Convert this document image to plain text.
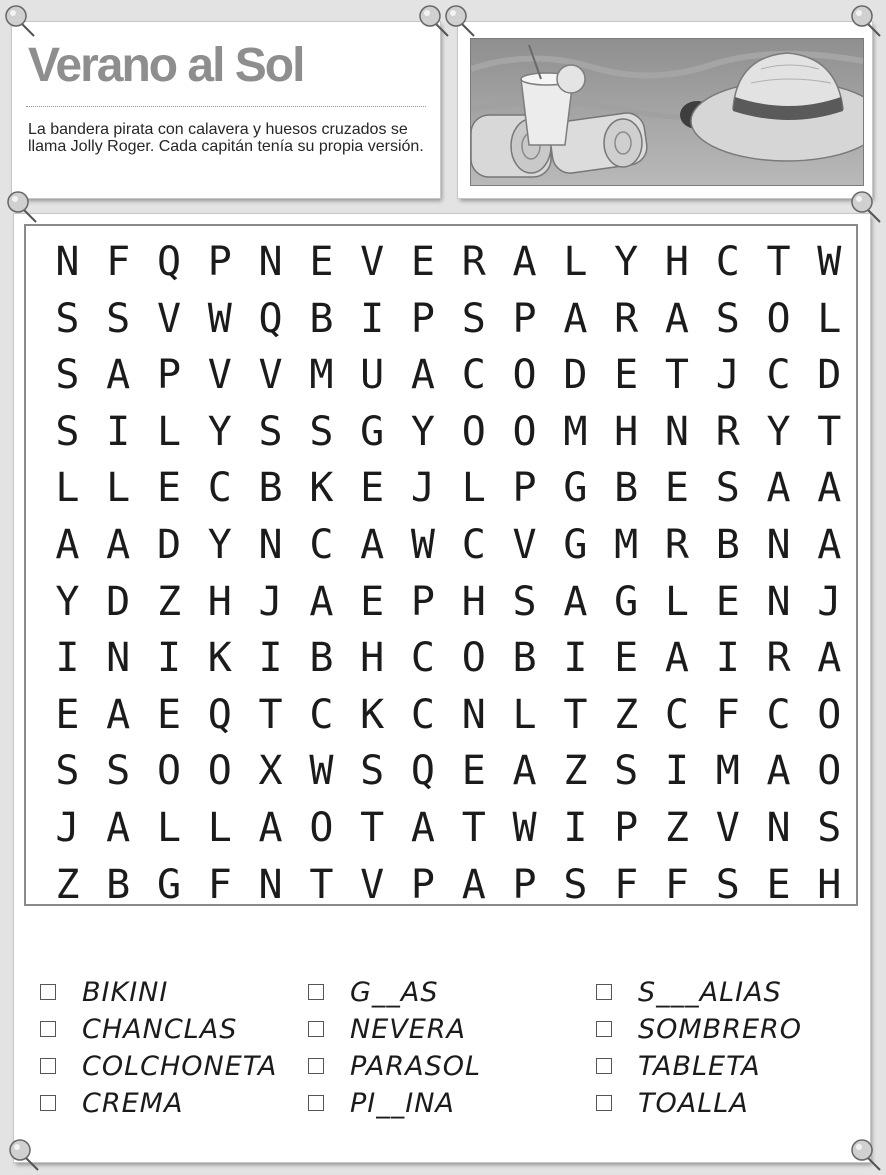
Verano al Sol
La bandera pirata con calavera y huesos cruzados se llama Jolly Roger. Cada capitán tenía su propia versión.
N F Q P N E V E R A L Y H C T W
S S V W Q B I P S P A R A S O L
S A P V V M U A C O D E T J C D
S I L Y S S G Y O O M H N R Y T
L L E C B K E J L P G B E S A A
A A D Y N C A W C V G M R B N A
Y D Z H J A E P H S A G L E N J
I N I K I B H C O B I E A I R A
E A E Q T C K C N L T Z C F C O
S S O O X W S Q E A Z S I M A O
J A L L A O T A T W I P Z V N S
Z B G F N T V P A P S F F S E H
BIKINI
CHANCLAS
COLCHONETA
CREMA
G__AS
NEVERA
PARASOL
PI__INA
S___ALIAS
SOMBRERO
TABLETA
TOALLA
